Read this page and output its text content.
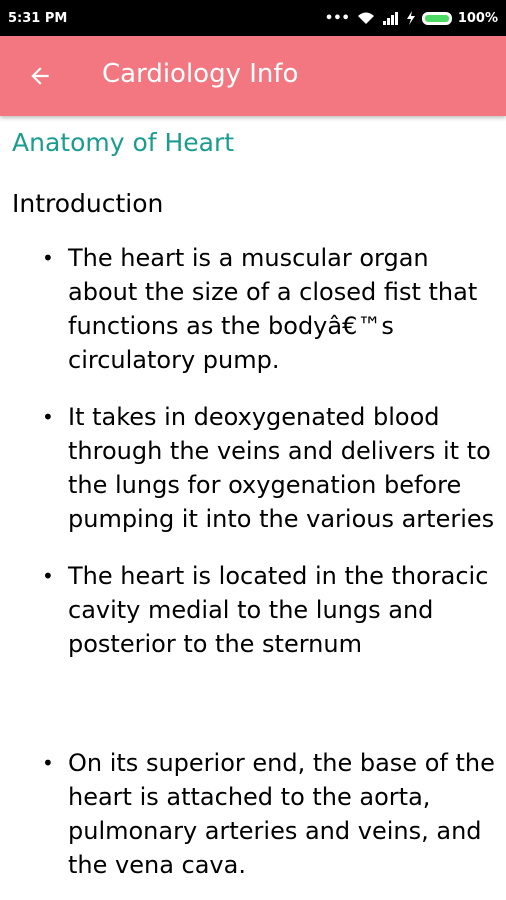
5:31 PM	•••	100%
Cardiology Info
Anatomy of Heart
Introduction
• The heart is a muscular organ about the size of a closed fist that functions as the bodyâ€™s circulatory pump.
• It takes in deoxygenated blood through the veins and delivers it to the lungs for oxygenation before pumping it into the various arteries
• The heart is located in the thoracic cavity medial to the lungs and posterior to the sternum
• On its superior end, the base of the heart is attached to the aorta, pulmonary arteries and veins, and the vena cava.
